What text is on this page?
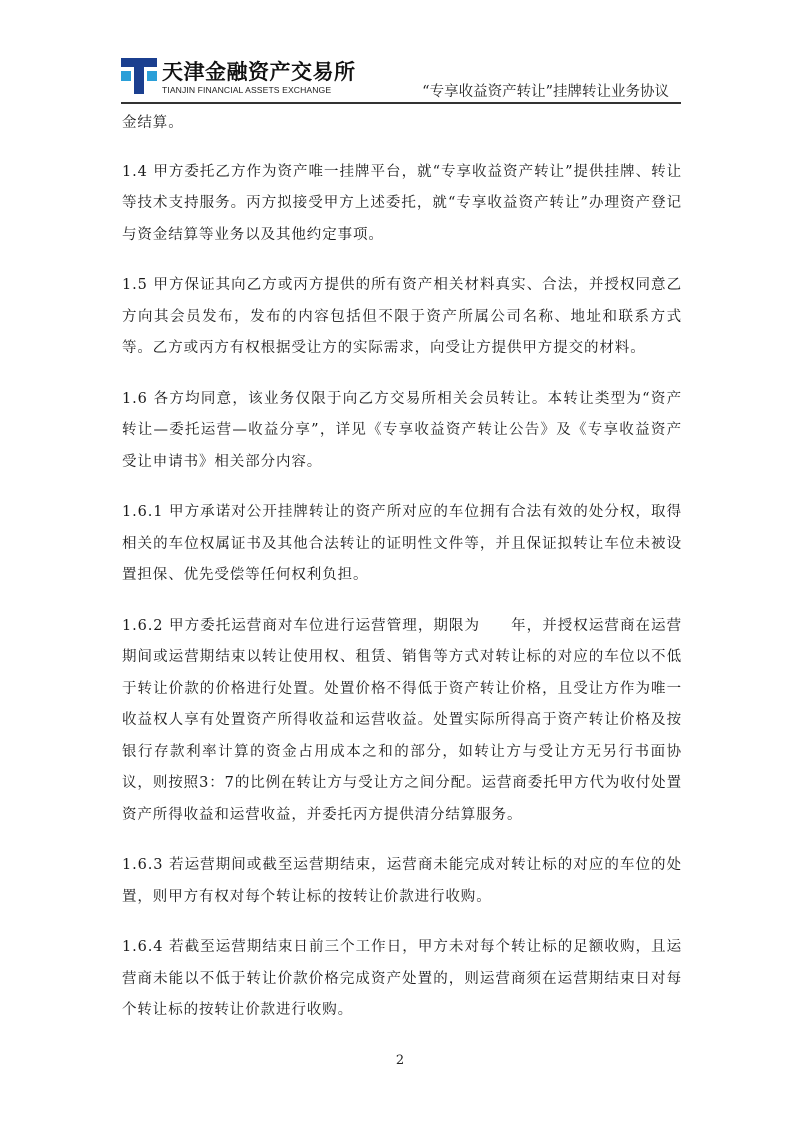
天津金融资产交易所
TIANJIN FINANCIAL ASSETS EXCHANGE	“专享收益资产转让”挂牌转让业务协议

金结算。

1.4 甲方委托乙方作为资产唯一挂牌平台，就“专享收益资产转让”提供挂牌、转让等技术支持服务。丙方拟接受甲方上述委托，就“专享收益资产转让”办理资产登记与资金结算等业务以及其他约定事项。

1.5 甲方保证其向乙方或丙方提供的所有资产相关材料真实、合法，并授权同意乙方向其会员发布，发布的内容包括但不限于资产所属公司名称、地址和联系方式等。乙方或丙方有权根据受让方的实际需求，向受让方提供甲方提交的材料。

1.6 各方均同意，该业务仅限于向乙方交易所相关会员转让。本转让类型为“资产转让—委托运营—收益分享”，详见《专享收益资产转让公告》及《专享收益资产受让申请书》相关部分内容。

1.6.1 甲方承诺对公开挂牌转让的资产所对应的车位拥有合法有效的处分权，取得相关的车位权属证书及其他合法转让的证明性文件等，并且保证拟转让车位未被设置担保、优先受偿等任何权利负担。

1.6.2 甲方委托运营商对车位进行运营管理，期限为　　年，并授权运营商在运营期间或运营期结束以转让使用权、租赁、销售等方式对转让标的对应的车位以不低于转让价款的价格进行处置。处置价格不得低于资产转让价格，且受让方作为唯一收益权人享有处置资产所得收益和运营收益。处置实际所得高于资产转让价格及按银行存款利率计算的资金占用成本之和的部分，如转让方与受让方无另行书面协议，则按照3：7的比例在转让方与受让方之间分配。运营商委托甲方代为收付处置资产所得收益和运营收益，并委托丙方提供清分结算服务。

1.6.3 若运营期间或截至运营期结束，运营商未能完成对转让标的对应的车位的处置，则甲方有权对每个转让标的按转让价款进行收购。

1.6.4 若截至运营期结束日前三个工作日，甲方未对每个转让标的足额收购，且运营商未能以不低于转让价款价格完成资产处置的，则运营商须在运营期结束日对每个转让标的按转让价款进行收购。

2
